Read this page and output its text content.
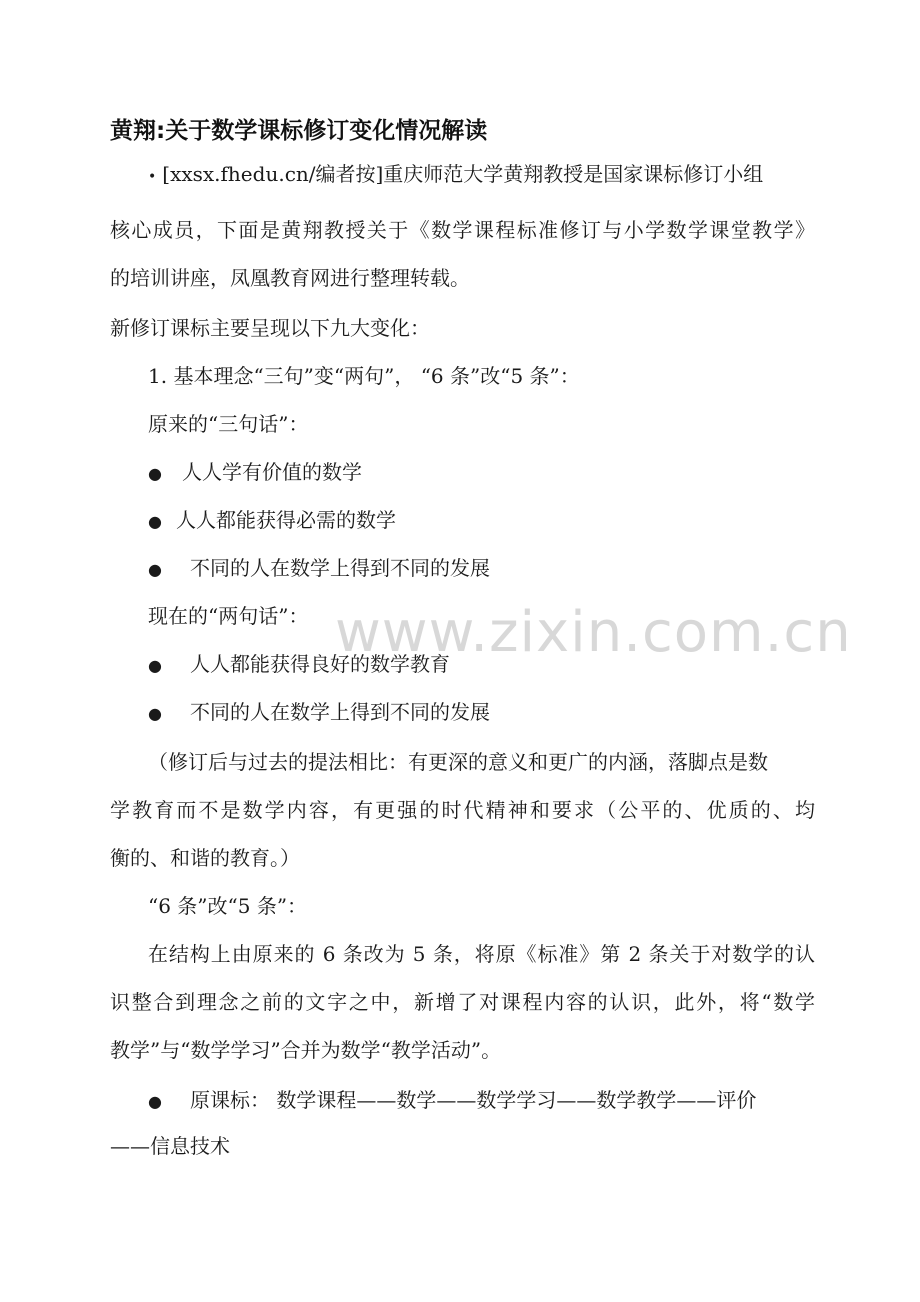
黄翔:关于数学课标修订变化情况解读
• [xxsx.fhedu.cn/编者按]重庆师范大学黄翔教授是国家课标修订小组
核心成员，下面是黄翔教授关于《数学课程标准修订与小学数学课堂教学》
的培训讲座，凤凰教育网进行整理转载。
新修订课标主要呈现以下九大变化：
1. 基本理念“三句”变“两句”， “6 条”改“5 条”：
原来的“三句话”：
● 人人学有价值的数学
● 人人都能获得必需的数学
● 不同的人在数学上得到不同的发展
现在的“两句话”：
● 人人都能获得良好的数学教育
● 不同的人在数学上得到不同的发展
（修订后与过去的提法相比：有更深的意义和更广的内涵，落脚点是数
学教育而不是数学内容，有更强的时代精神和要求（公平的、优质的、均
衡的、和谐的教育。）
“6 条”改“5 条”：
在结构上由原来的 6 条改为 5 条，将原《标准》第 2 条关于对数学的认
识整合到理念之前的文字之中，新增了对课程内容的认识，此外，将“数学
教学”与“数学学习”合并为数学“教学活动”。
● 原课标： 数学课程——数学——数学学习——数学教学——评价
——信息技术
www.zixin.com.cn
